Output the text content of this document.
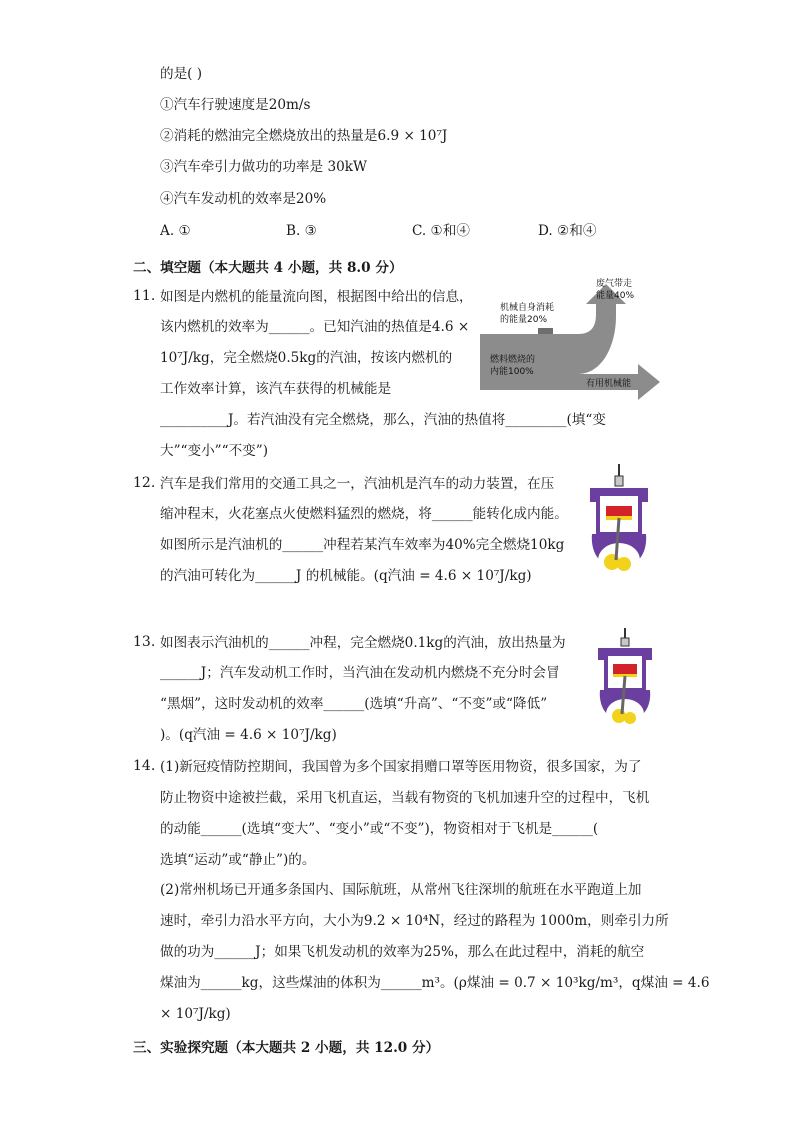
的是( )
①汽车行驶速度是20m/s
②消耗的燃油完全燃烧放出的热量是6.9 × 10⁷J
③汽车牵引力做功的功率是 30kW
④汽车发动机的效率是20%
A. ①	B. ③	C. ①和④	D. ②和④
二、填空题（本大题共 4 小题，共 8.0 分）
11. 如图是内燃机的能量流向图，根据图中给出的信息，
该内燃机的效率为______。已知汽油的热值是4.6 ×
10⁷J/kg，完全燃烧0.5kg的汽油，按该内燃机的
工作效率计算，该汽车获得的机械能是
__________J。若汽油没有完全燃烧，那么，汽油的热值将_________(填“变
大”“变小”“不变”)
废气带走
能量40%
机械自身消耗
的能量20%
燃料燃烧的
内能100%
有用机械能
12. 汽车是我们常用的交通工具之一，汽油机是汽车的动力装置，在压
缩冲程末，火花塞点火使燃料猛烈的燃烧，将______能转化成内能。
如图所示是汽油机的______冲程若某汽车效率为40%完全燃烧10kg
的汽油可转化为______J 的机械能。(q汽油 = 4.6 × 10⁷J/kg)
13. 如图表示汽油机的______冲程，完全燃烧0.1kg的汽油，放出热量为
______J；汽车发动机工作时，当汽油在发动机内燃烧不充分时会冒
“黑烟”，这时发动机的效率______(选填“升高”、“不变”或“降低”
)。(q汽油 = 4.6 × 10⁷J/kg)
14. (1)新冠疫情防控期间，我国曾为多个国家捐赠口罩等医用物资，很多国家，为了
防止物资中途被拦截，采用飞机直运，当载有物资的飞机加速升空的过程中，飞机
的动能______(选填“变大”、“变小”或“不变”)，物资相对于飞机是______(
选填“运动”或“静止”)的。
(2)常州机场已开通多条国内、国际航班，从常州飞往深圳的航班在水平跑道上加
速时，牵引力沿水平方向，大小为9.2 × 10⁴N，经过的路程为 1000m，则牵引力所
做的功为______J；如果飞机发动机的效率为25%，那么在此过程中，消耗的航空
煤油为______kg，这些煤油的体积为______m³。(ρ煤油 = 0.7 × 10³kg/m³，q煤油 = 4.6
× 10⁷J/kg)
三、实验探究题（本大题共 2 小题，共 12.0 分）
